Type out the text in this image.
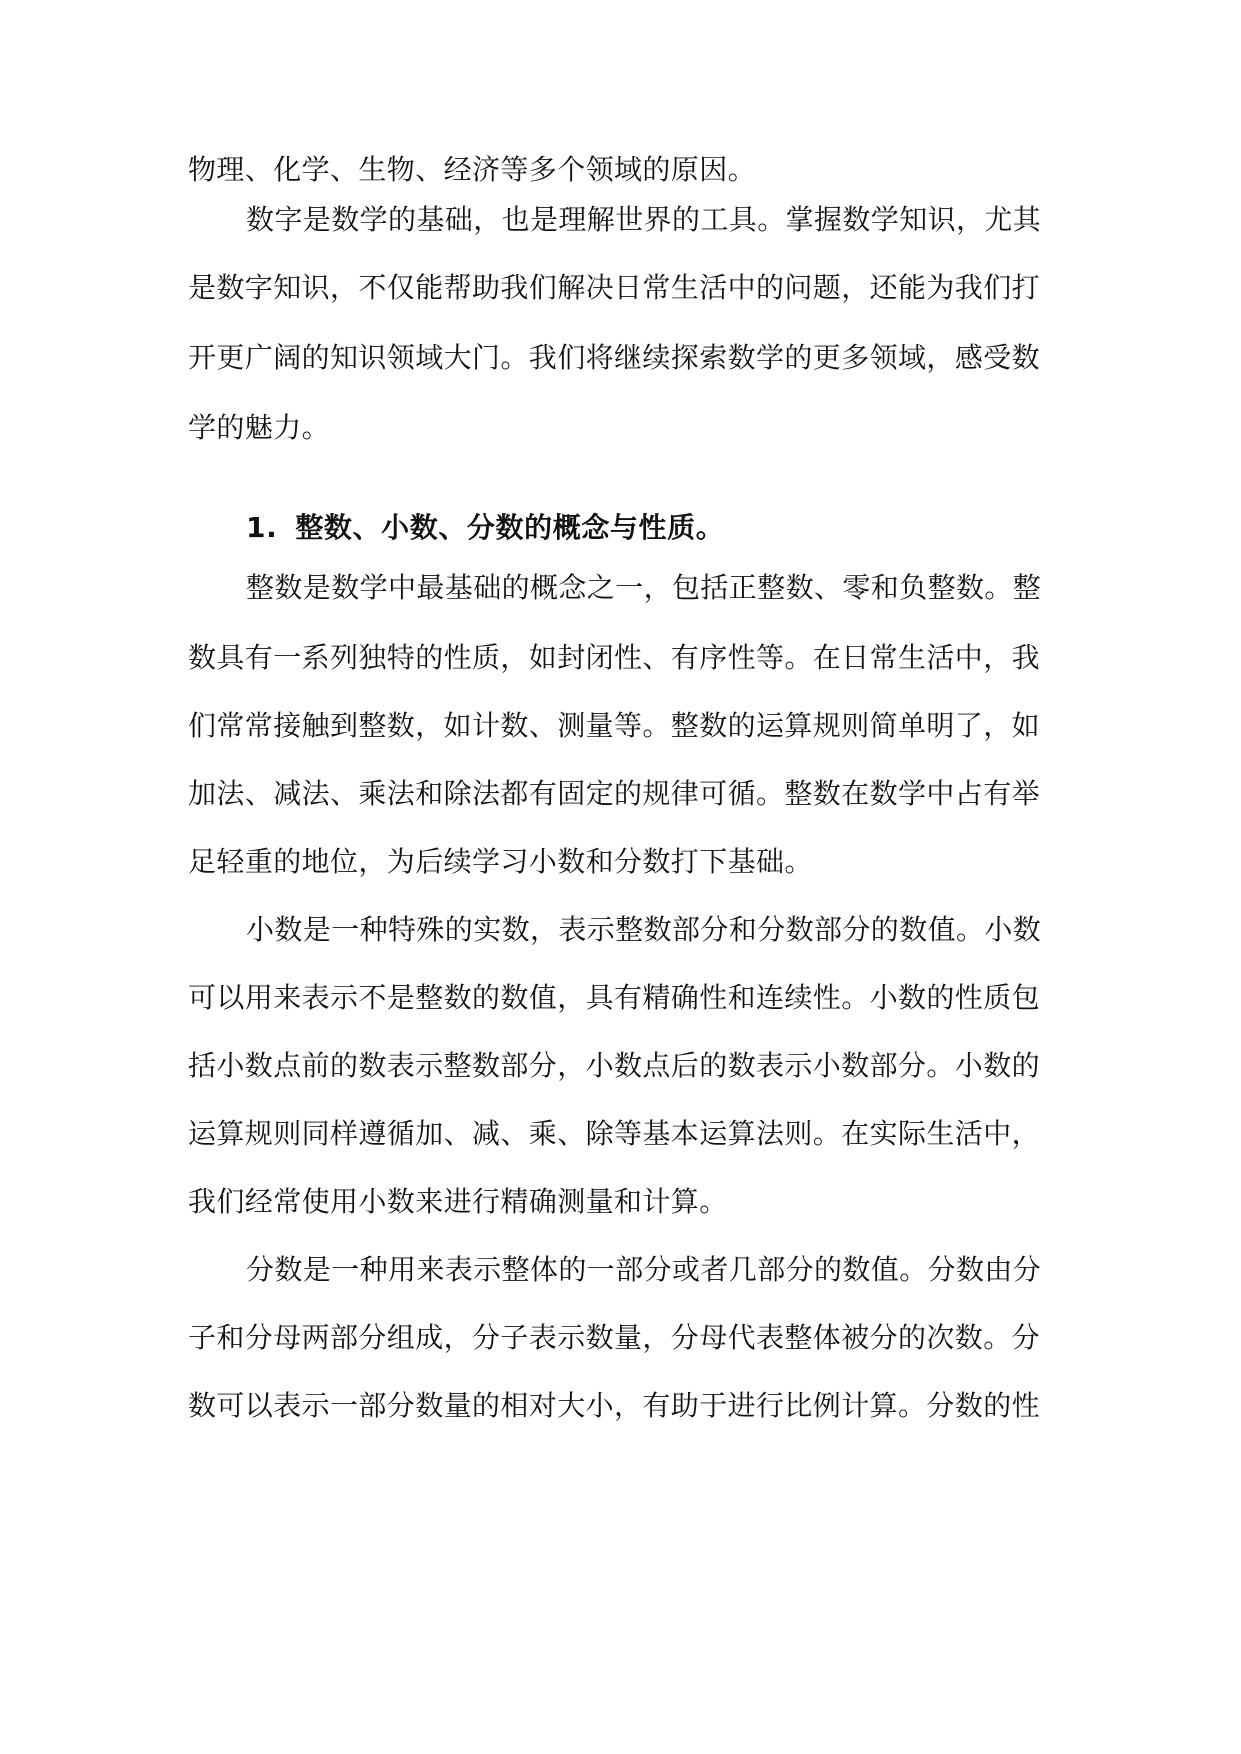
物理、化学、生物、经济等多个领域的原因。
数字是数学的基础，也是理解世界的工具。掌握数学知识，尤其
是数字知识，不仅能帮助我们解决日常生活中的问题，还能为我们打
开更广阔的知识领域大门。我们将继续探索数学的更多领域，感受数
学的魅力。
1. 整数、小数、分数的概念与性质。
整数是数学中最基础的概念之一，包括正整数、零和负整数。整
数具有一系列独特的性质，如封闭性、有序性等。在日常生活中，我
们常常接触到整数，如计数、测量等。整数的运算规则简单明了，如
加法、减法、乘法和除法都有固定的规律可循。整数在数学中占有举
足轻重的地位，为后续学习小数和分数打下基础。
小数是一种特殊的实数，表示整数部分和分数部分的数值。小数
可以用来表示不是整数的数值，具有精确性和连续性。小数的性质包
括小数点前的数表示整数部分，小数点后的数表示小数部分。小数的
运算规则同样遵循加、减、乘、除等基本运算法则。在实际生活中，
我们经常使用小数来进行精确测量和计算。
分数是一种用来表示整体的一部分或者几部分的数值。分数由分
子和分母两部分组成，分子表示数量，分母代表整体被分的次数。分
数可以表示一部分数量的相对大小，有助于进行比例计算。分数的性
